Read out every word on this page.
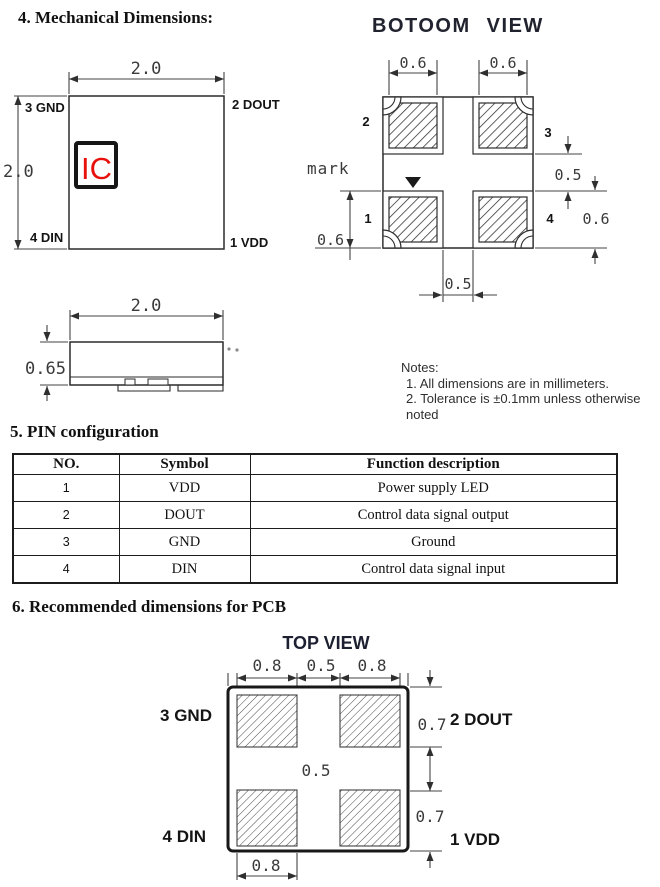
4. Mechanical Dimensions:	BOTOOM VIEW
2.0
2.0 IC
3 GND	2 DOUT
4 DIN	1 VDD
0.6	0.6
0.5
0.6
0.6
0.5
mark
2
3
1	4
2.0
0.65	Notes:
1. All dimensions are in millimeters.
2. Tolerance is ±0.1mm unless otherwise noted
5. PIN configuration
NO.	Symbol	Function description
1	VDD	Power supply LED
2	DOUT	Control data signal output
3	GND	Ground
4	DIN	Control data signal input
6. Recommended dimensions for PCB
TOP VIEW
0.8 0.5 0.8
0.5
0.7
0.7
0.8
3 GND	2 DOUT
4 DIN	1 VDD
